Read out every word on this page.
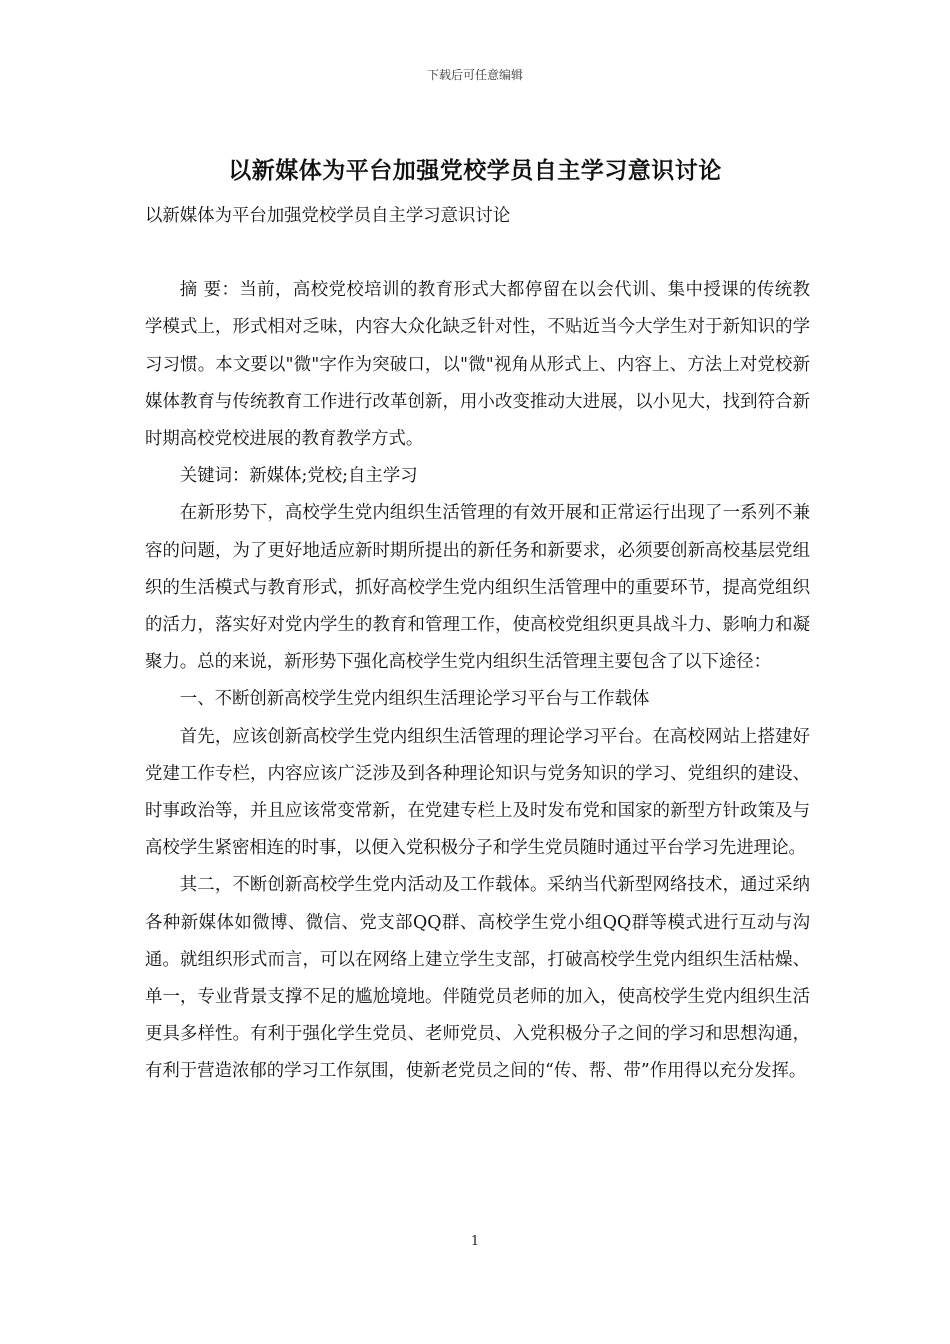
下载后可任意编辑
以新媒体为平台加强党校学员自主学习意识讨论

以新媒体为平台加强党校学员自主学习意识讨论

摘 要：当前，高校党校培训的教育形式大都停留在以会代训、集中授课的传统教学模式上，形式相对乏味，内容大众化缺乏针对性，不贴近当今大学生对于新知识的学习习惯。本文要以"微"字作为突破口，以"微"视角从形式上、内容上、方法上对党校新媒体教育与传统教育工作进行改革创新，用小改变推动大进展，以小见大，找到符合新时期高校党校进展的教育教学方式。

关键词：新媒体;党校;自主学习

在新形势下，高校学生党内组织生活管理的有效开展和正常运行出现了一系列不兼容的问题，为了更好地适应新时期所提出的新任务和新要求，必须要创新高校基层党组织的生活模式与教育形式，抓好高校学生党内组织生活管理中的重要环节，提高党组织的活力，落实好对党内学生的教育和管理工作，使高校党组织更具战斗力、影响力和凝聚力。总的来说，新形势下强化高校学生党内组织生活管理主要包含了以下途径：

一、不断创新高校学生党内组织生活理论学习平台与工作载体

首先，应该创新高校学生党内组织生活管理的理论学习平台。在高校网站上搭建好党建工作专栏，内容应该广泛涉及到各种理论知识与党务知识的学习、党组织的建设、时事政治等，并且应该常变常新，在党建专栏上及时发布党和国家的新型方针政策及与高校学生紧密相连的时事，以便入党积极分子和学生党员随时通过平台学习先进理论。

其二，不断创新高校学生党内活动及工作载体。采纳当代新型网络技术，通过采纳各种新媒体如微博、微信、党支部QQ群、高校学生党小组QQ群等模式进行互动与沟通。就组织形式而言，可以在网络上建立学生支部，打破高校学生党内组织生活枯燥、单一，专业背景支撑不足的尴尬境地。伴随党员老师的加入，使高校学生党内组织生活更具多样性。有利于强化学生党员、老师党员、入党积极分子之间的学习和思想沟通，有利于营造浓郁的学习工作氛围，使新老党员之间的“传、帮、带”作用得以充分发挥。

1
